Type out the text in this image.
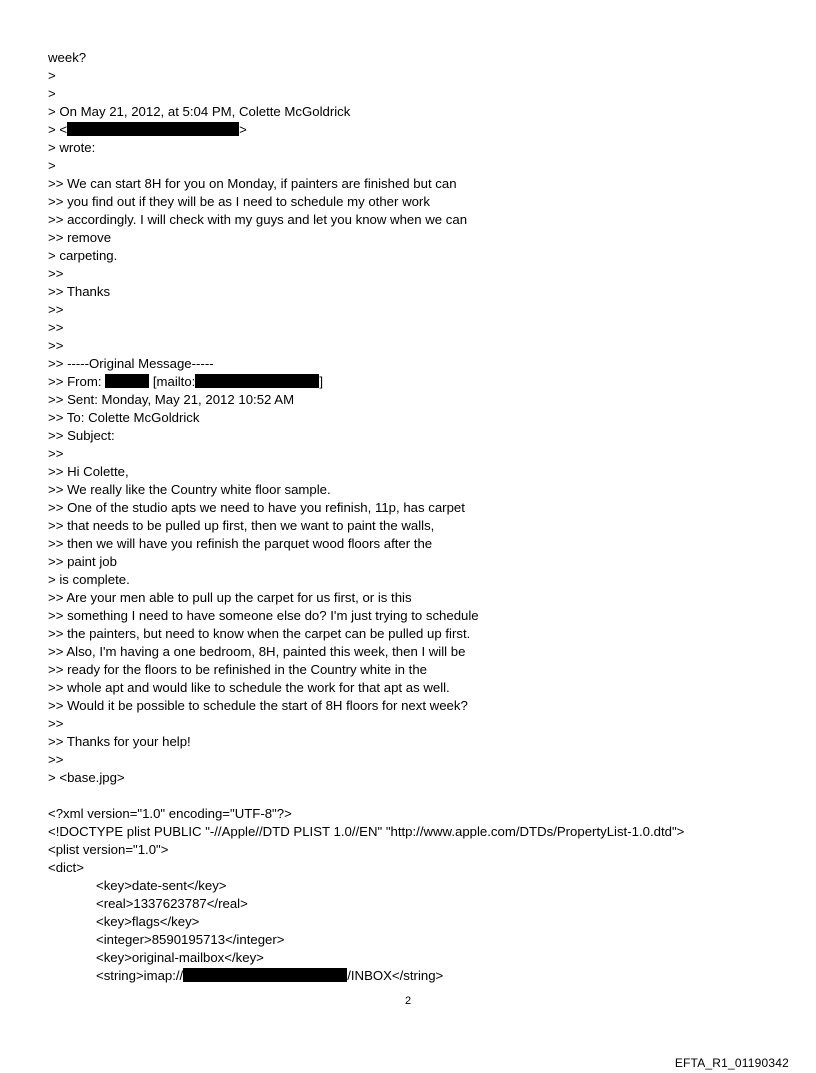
week?
>
>
> On May 21, 2012, at 5:04 PM, Colette McGoldrick
> <	>
> wrote:
>
>> We can start 8H for you on Monday, if painters are finished but can
>> you find out if they will be as I need to schedule my other work
>> accordingly. I will check with my guys and let you know when we can
>> remove
> carpeting.
>>
>> Thanks
>>
>>
>>
>> -----Original Message-----
>> From:	[mailto:	]
>> Sent: Monday, May 21, 2012 10:52 AM
>> To: Colette McGoldrick
>> Subject:
>>
>> Hi Colette,
>> We really like the Country white floor sample.
>> One of the studio apts we need to have you refinish, 11p, has carpet
>> that needs to be pulled up first, then we want to paint the walls,
>> then we will have you refinish the parquet wood floors after the
>> paint job
> is complete.
>> Are your men able to pull up the carpet for us first, or is this
>> something I need to have someone else do? I'm just trying to schedule
>> the painters, but need to know when the carpet can be pulled up first.
>> Also, I'm having a one bedroom, 8H, painted this week, then I will be
>> ready for the floors to be refinished in the Country white in the
>> whole apt and would like to schedule the work for that apt as well.
>> Would it be possible to schedule the start of 8H floors for next week?
>>
>> Thanks for your help!
>>
> <base.jpg>
<?xml version="1.0" encoding="UTF-8"?>
<!DOCTYPE plist PUBLIC "-//Apple//DTD PLIST 1.0//EN" "http://www.apple.com/DTDs/PropertyList-1.0.dtd">
<plist version="1.0">
<dict>
<key>date-sent</key>
<real>1337623787</real>
<key>flags</key>
<integer>8590195713</integer>
<key>original-mailbox</key>
<string>imap://	/INBOX</string>
2
EFTA_R1_01190342
